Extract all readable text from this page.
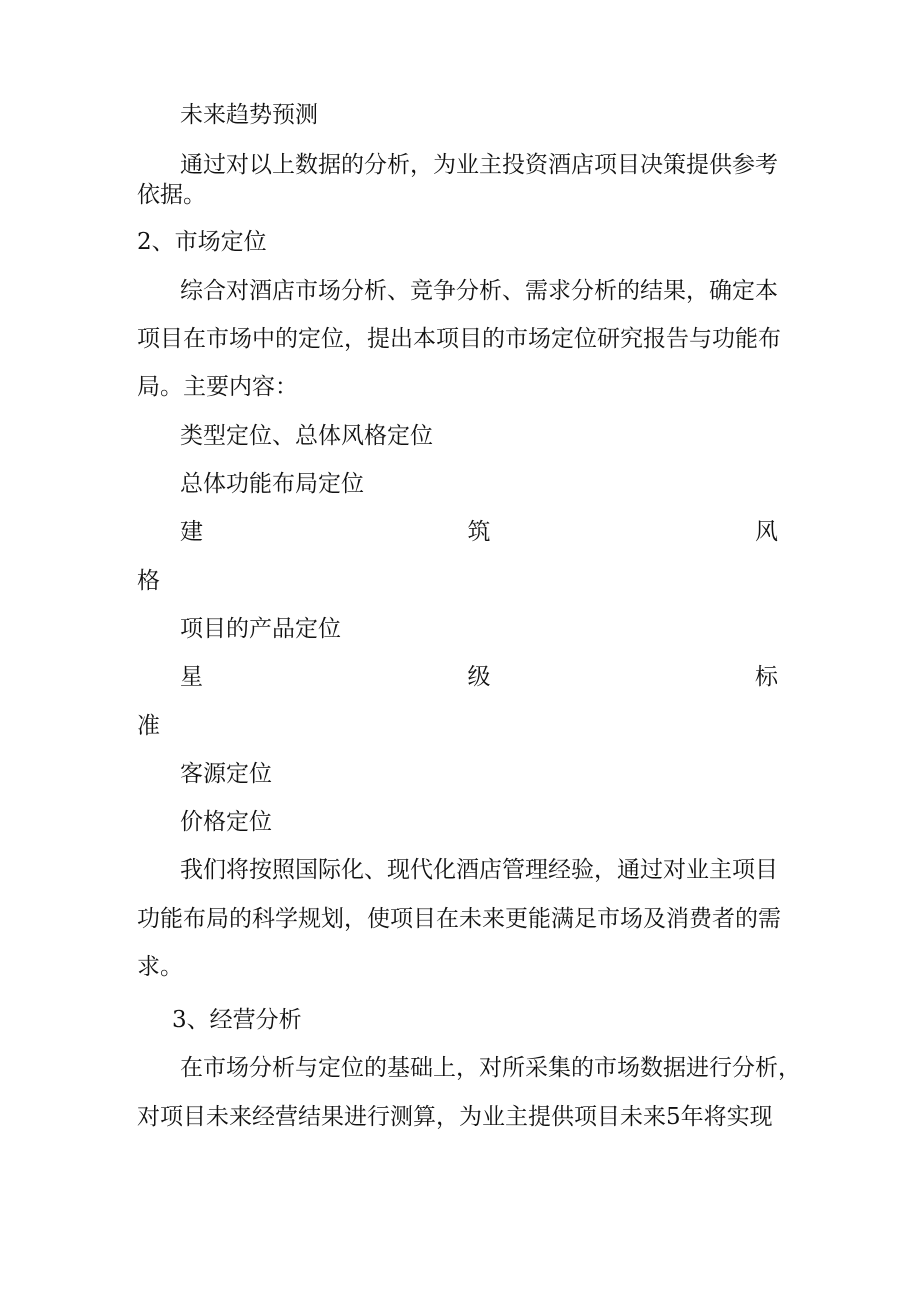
未来趋势预测
通过对以上数据的分析，为业主投资酒店项目决策提供参考
依据。
2、市场定位
综合对酒店市场分析、竞争分析、需求分析的结果，确定本
项目在市场中的定位，提出本项目的市场定位研究报告与功能布
局。主要内容：
类型定位、总体风格定位
总体功能布局定位
建	筑	风
格
项目的产品定位
星	级	标
准
客源定位
价格定位
我们将按照国际化、现代化酒店管理经验，通过对业主项目
功能布局的科学规划，使项目在未来更能满足市场及消费者的需
求。
3、经营分析
在市场分析与定位的基础上，对所采集的市场数据进行分析，
对项目未来经营结果进行测算，为业主提供项目未来5年将实现
